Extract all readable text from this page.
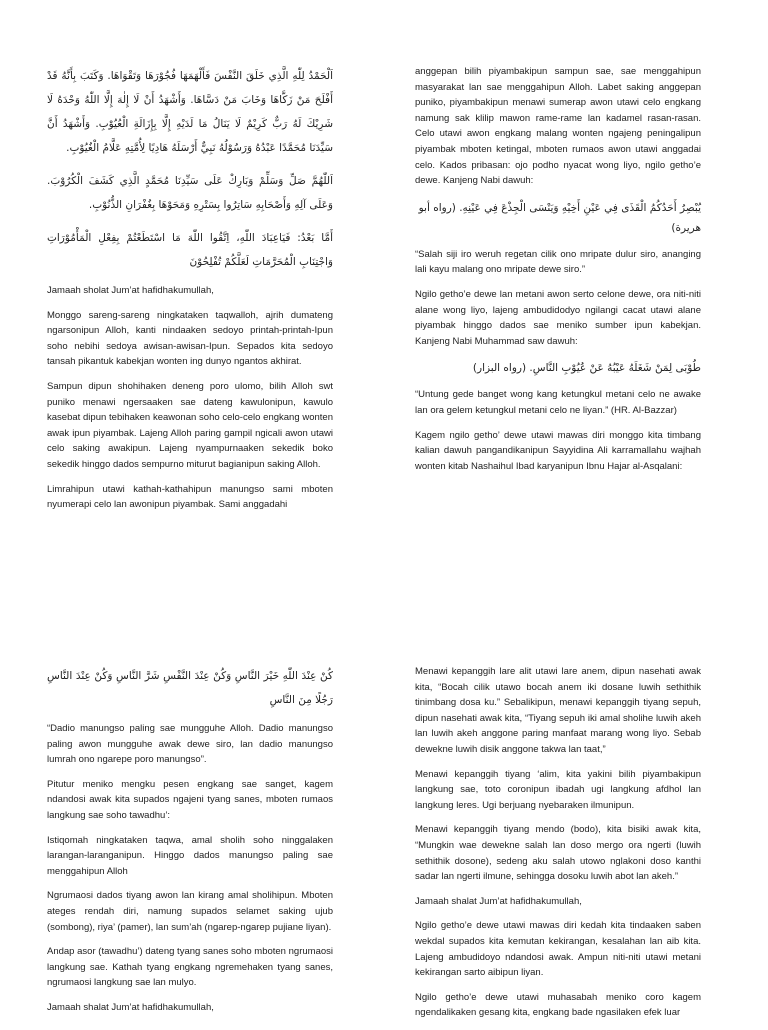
اَلْحَمْدُ لِلّٰهِ الَّذِي خَلَقَ النَّفْسَ فَأَلْهَمَهَا فُجُوْرَهَا وَتَقْوَاهَا. وَكَتَبَ بِأَنَّهُ قَدْ أَفْلَحَ مَنْ زَكَّاهَا وَخَابَ مَنْ دَسَّاهَا. وَأَشْهَدُ أَنْ لَا إِلٰهَ إِلَّا اللّٰهُ وَحْدَهُ لَا شَرِيْكَ لَهُ رَبٌّ كَرِيْمٌ لَا يَنَالُ مَا لَدَيْهِ إِلَّا بِإِزَالَةِ الْعُيُوْبِ. وَأَشْهَدُ أَنَّ سَيِّدَنَا مُحَمَّدًا عَبْدُهُ وَرَسُوْلُهُ نَبِيٌّ أَرْسَلَهُ هَادِيًا لِأُمَّتِهِ عَلَّامُ الْغُيُوْبِ.

اَللّٰهُمَّ صَلِّ وَسَلِّمْ وَبَارِكْ عَلَى سَيِّدِنَا مُحَمَّدٍ الَّذِي كَشَفَ الْكُرُوْبَ. وَعَلَى آلِهِ وَأَصْحَابِهِ سَاتِرُوا بِسَتْرِهِ وَمَحَوْهَا بِغُفْرَانِ الذُّنُوْبِ.

أَمَّا بَعْدُ: فَيَاعِبَادَ اللّٰهِ، اِتَّقُوا اللّٰهَ مَا اسْتَطَعْتُمْ بِفِعْلِ الْمَأْمُوْرَاتِ وَاجْتِنَابِ الْمُحَرَّمَاتِ لَعَلَّكُمْ تُفْلِحُوْنَ

Jamaah sholat Jum’at hafidhakumullah,

Monggo sareng-sareng ningkataken taqwalloh, ajrih dumateng ngarsonipun Alloh, kanti nindaaken sedoyo printah-printah-Ipun soho nebihi sedoya awisan-awisan-Ipun. Sepados kita sedoyo tansah pikantuk kabekjan wonten ing dunyo ngantos akhirat.

Sampun dipun shohihaken deneng poro ulomo, bilih Alloh swt puniko menawi ngersaaken sae dateng kawulonipun, kawulo kasebat dipun tebihaken keawonan soho celo-celo engkang wonten awak ipun piyambak. Lajeng Alloh paring gampil ngicali awon utawi celo saking awakipun. Lajeng nyampurnaaken sekedik boko sekedik hinggo dados sempurno miturut bagianipun saking Alloh.

Limrahipun utawi kathah-kathahipun manungso sami mboten nyumerapi celo lan awonipun piyambak. Sami anggadahi

anggepan bilih piyambakipun sampun sae, sae menggahipun masyarakat lan sae menggahipun Alloh. Labet saking anggepan puniko, piyambakipun menawi sumerap awon utawi celo engkang namung sak klilip mawon rame-rame lan kadamel rasan-rasan. Celo utawi awon engkang malang wonten ngajeng peningalipun piyambak mboten ketingal, mboten rumaos awon utawi anggadai celo. Kados pribasan: ojo podho nyacat wong liyo, ngilo getho’e dewe. Kanjeng Nabi dawuh:

يُبْصِرُ أَحَدُكُمُ الْقَذَى فِي عَيْنِ أَخِيْهِ وَيَنْسَى الْجِذْعَ فِي عَيْنِهِ. (رواه أبو هريرة)

“Salah siji iro weruh regetan cilik ono mripate dulur siro, ananging lali kayu malang ono mripate dewe siro.”

Ngilo getho’e dewe lan metani awon serto celone dewe, ora niti-niti alane wong liyo, lajeng ambudidodyo ngilangi cacat utawi alane piyambak hinggo dados sae meniko sumber ipun kabekjan. Kanjeng Nabi Muhammad saw dawuh:

طُوْبَى لِمَنْ شَغَلَهُ عَيْبُهُ عَنْ عُيُوْبِ النَّاسِ. (رواه البزار)

“Untung gede banget wong kang ketungkul metani celo ne awake lan ora gelem ketungkul metani celo ne liyan.” (HR. Al-Bazzar)

Kagem ngilo getho’ dewe utawi mawas diri monggo kita timbang kalian dawuh pangandikanipun Sayyidina Ali karramallahu wajhah wonten kitab Nashaihul Ibad karyanipun Ibnu Hajar al-Asqalani:

كُنْ عِنْدَ اللّٰهِ خَيْرَ النَّاسِ وَكُنْ عِنْدَ النَّفْسِ شَرَّ النَّاسِ وَكُنْ عِنْدَ النَّاسِ رَجُلًا مِنَ النَّاسِ

“Dadio manungso paling sae mungguhe Alloh. Dadio manungso paling awon mungguhe awak dewe siro, lan dadio manungso lumrah ono ngarepe poro manungso”.

Pitutur meniko mengku pesen engkang sae sanget, kagem ndandosi awak kita supados ngajeni tyang sanes, mboten rumaos langkung sae soho tawadhu’:

Istiqomah ningkataken taqwa, amal sholih soho ninggalaken larangan-laranganipun. Hinggo dados manungso paling sae menggahipun Alloh

Ngrumaosi dados tiyang awon lan kirang amal sholihipun. Mboten ateges rendah diri, namung supados selamet saking ujub (sombong), riya’ (pamer), lan sum’ah (ngarep-ngarep pujiane liyan).

Andap asor (tawadhu’) dateng tyang sanes soho mboten ngrumaosi langkung sae. Kathah tyang engkang ngremehaken tyang sanes, ngrumaosi langkung sae lan mulyo.

Jamaah shalat Jum’at hafidhakumullah,

Menawi kepanggih lare alit utawi lare anem, dipun nasehati awak kita, “Bocah cilik utawo bocah anem iki dosane luwih sethithik tinimbang dosa ku.” Sebalikipun, menawi kepanggih tiyang sepuh, dipun nasehati awak kita, “Tiyang sepuh iki amal sholihe luwih akeh lan luwih akeh anggone paring manfaat marang wong liyo. Sebab dewekne luwih disik anggone takwa lan taat,”

Menawi kepanggih tiyang ‘alim, kita yakini bilih piyambakipun langkung sae, toto coronipun ibadah ugi langkung afdhol lan langkung leres. Ugi berjuang nyebaraken ilmunipun.

Menawi kepanggih tiyang mendo (bodo), kita bisiki awak kita, “Mungkin wae dewekne salah lan doso mergo ora ngerti (luwih sethithik dosone), sedeng aku salah utowo nglakoni doso kanthi sadar lan ngerti ilmune, sehingga dosoku luwih abot lan akeh.”

Jamaah shalat Jum’at hafidhakumullah,

Ngilo getho’e dewe utawi mawas diri kedah kita tindaaken saben wekdal supados kita kemutan kekirangan, kesalahan lan aib kita. Lajeng ambudidoyo ndandosi awak. Ampun niti-niti utawi metani kekirangan sarto aibipun liyan.

Ngilo getho’e dewe utawi muhasabah meniko coro kagem ngendalikaken gesang kita, engkang bade ngasilaken efek luar
